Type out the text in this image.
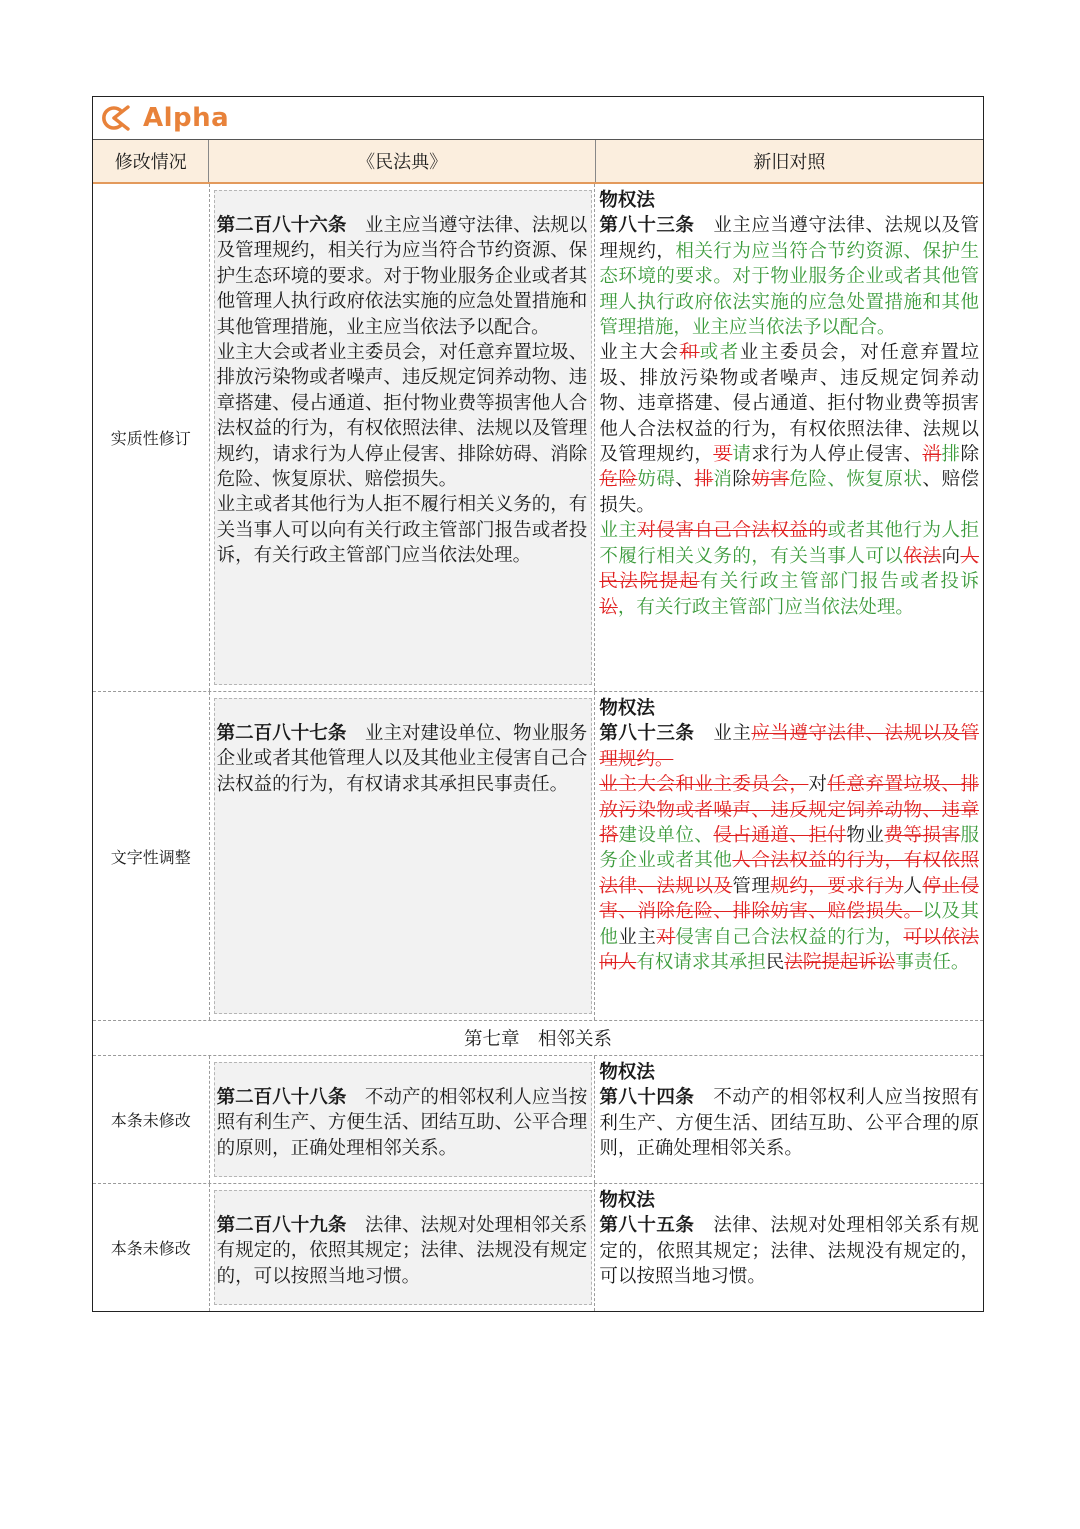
Alpha
修改情况	《民法典》	新旧对照
实质性修订

第二百八十六条　 业主应当遵守法律、法规以及管理规约，相关行为应当符合节约资源、保护生态环境的要求。对于物业服务企业或者其他管理人执行政府依法实施的应急处置措施和其他管理措施，业主应当依法予以配合。

业主大会或者业主委员会，对任意弃置垃圾、排放污染物或者噪声、违反规定饲养动物、违章搭建、侵占通道、拒付物业费等损害他人合法权益的行为，有权依照法律、法规以及管理规约，请求行为人停止侵害、排除妨碍、消除危险、恢复原状、赔偿损失。

业主或者其他行为人拒不履行相关义务的，有关当事人可以向有关行政主管部门报告或者投诉，有关行政主管部门应当依法处理。

物权法

第八十三条　 业主应当遵守法律、法规以及管理规约，相关行为应当符合节约资源、保护生态环境的要求。对于物业服务企业或者其他管理人执行政府依法实施的应急处置措施和其他管理措施，业主应当依法予以配合。

业主大会和或者业主委员会，对任意弃置垃圾、排放污染物或者噪声、违反规定饲养动物、违章搭建、侵占通道、拒付物业费等损害他人合法权益的行为，有权依照法律、法规以及管理规约，要请求行为人停止侵害、消排除危险妨碍、排消除妨害危险、恢复原状、赔偿损失。

业主对侵害自己合法权益的或者其他行为人拒不履行相关义务的，有关当事人可以依法向人民法院提起有关行政主管部门报告或者投诉讼，有关行政主管部门应当依法处理。

文字性调整

第二百八十七条　 业主对建设单位、物业服务企业或者其他管理人以及其他业主侵害自己合法权益的行为，有权请求其承担民事责任。

物权法

第八十三条　 业主应当遵守法律、法规以及管理规约。

业主大会和业主委员会，对任意弃置垃圾、排放污染物或者噪声、违反规定饲养动物、违章搭建设单位、侵占通道、拒付物业费等损害服务企业或者其他人合法权益的行为，有权依照法律、法规以及管理规约，要求行为人停止侵害、消除危险、排除妨害、赔偿损失。以及其他业主对侵害自己合法权益的行为，可以依法向人有权请求其承担民法院提起诉讼事责任。

第七章　相邻关系
本条未修改

第二百八十八条　 不动产的相邻权利人应当按照有利生产、方便生活、团结互助、公平合理的原则，正确处理相邻关系。

物权法

第八十四条　 不动产的相邻权利人应当按照有利生产、方便生活、团结互助、公平合理的原则，正确处理相邻关系。

本条未修改

第二百八十九条　 法律、法规对处理相邻关系有规定的，依照其规定；法律、法规没有规定的，可以按照当地习惯。

物权法

第八十五条　 法律、法规对处理相邻关系有规定的，依照其规定；法律、法规没有规定的，可以按照当地习惯。
